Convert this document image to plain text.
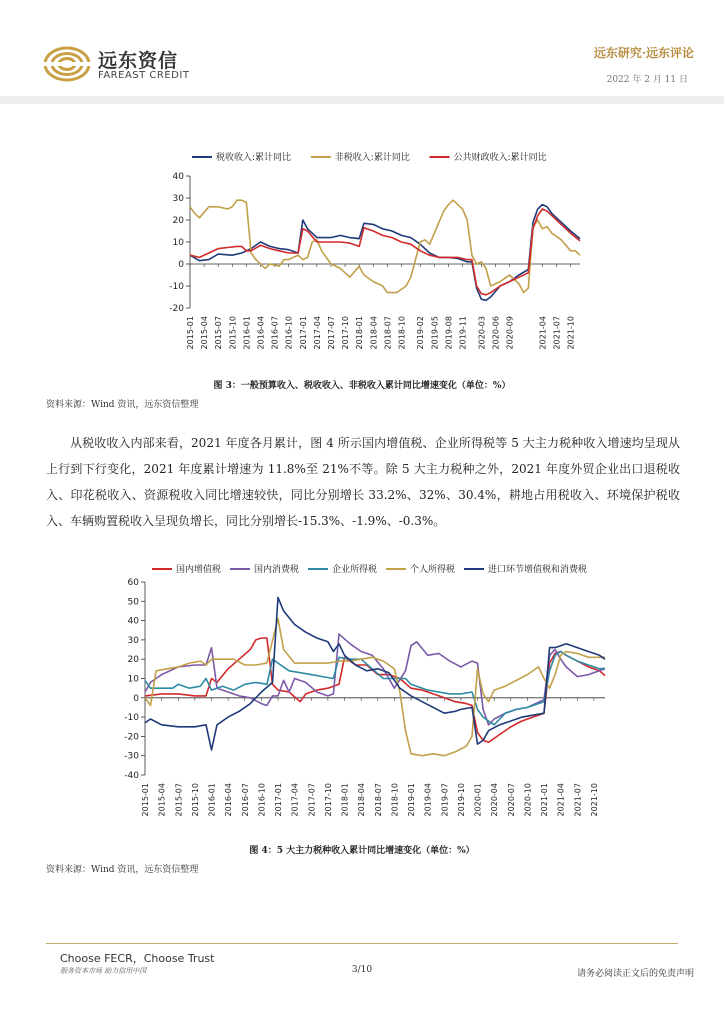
远东资信
FAREAST CREDIT
远东研究·远东评论
2022 年 2 月 11 日
-20
-10
0
10
20
30
40
2015-01 2015-04 2015-07 2015-10 2016-01 2016-04 2016-07 2016-10 2017-01 2017-04 2017-07 2017-10 2018-01 2018-04 2018-07 2018-10 2019-02 2019-05 2019-08 2019-11 2020-03 2020-06 2020-09	2021-04 2021-07 2021-10
税收收入:累计同比	非税收入:累计同比	公共财政收入:累计同比
图 3：一般预算收入、税收收入、非税收入累计同比增速变化（单位：%）
资料来源：Wind 资讯，远东资信整理

从税收收入内部来看，2021 年度各月累计，图 4 所示国内增值税、企业所得税等 5 大主力税种收入增速均呈现从上行到下行变化，2021 年度累计增速为 11.8%至 21%不等。除 5 大主力税种之外，2021 年度外贸企业出口退税收入、印花税收入、资源税收入同比增速较快，同比分别增长 33.2%、32%、30.4%，耕地占用税收入、环境保护税收入、车辆购置税收入呈现负增长，同比分别增长-15.3%、-1.9%、-0.3%。

-40
-30
-20
-10
0
10
20
30
40
50
60
2015-01 2015-04 2015-07 2015-10 2016-01 2016-04 2016-07 2016-10 2017-01 2017-04 2017-07 2017-10 2018-01 2018-04 2018-07 2018-10 2019-01 2019-04 2019-07 2019-10 2020-01 2020-04 2020-07 2020-10 2021-01 2021-04 2021-07 2021-10
国内增值税	国内消费税	企业所得税	个人所得税	进口环节增值税和消费税
图 4：5 大主力税种收入累计同比增速变化（单位：%）
资料来源：Wind 资讯，远东资信整理
Choose FECR，Choose Trust
服务资本市场 助力信用中国	3/10	请务必阅读正文后的免责声明
